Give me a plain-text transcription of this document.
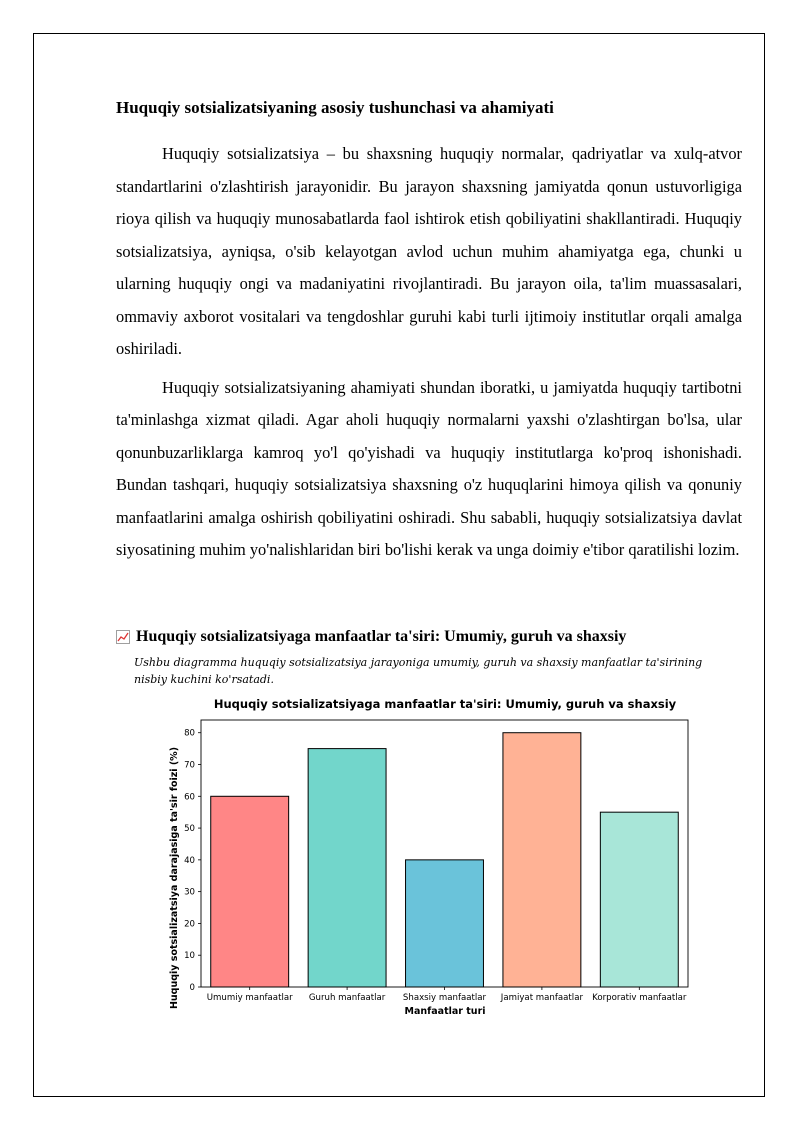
Huquqiy sotsializatsiyaning asosiy tushunchasi va ahamiyati

Huquqiy sotsializatsiya – bu shaxsning huquqiy normalar, qadriyatlar va xulq-atvor standartlarini o'zlashtirish jarayonidir. Bu jarayon shaxsning jamiyatda qonun ustuvorligiga rioya qilish va huquqiy munosabatlarda faol ishtirok etish qobiliyatini shakllantiradi. Huquqiy sotsializatsiya, ayniqsa, o'sib kelayotgan avlod uchun muhim ahamiyatga ega, chunki u ularning huquqiy ongi va madaniyatini rivojlantiradi. Bu jarayon oila, ta'lim muassasalari, ommaviy axborot vositalari va tengdoshlar guruhi kabi turli ijtimoiy institutlar orqali amalga oshiriladi.

Huquqiy sotsializatsiyaning ahamiyati shundan iboratki, u jamiyatda huquqiy tartibotni ta'minlashga xizmat qiladi. Agar aholi huquqiy normalarni yaxshi o'zlashtirgan bo'lsa, ular qonunbuzarliklarga kamroq yo'l qo'yishadi va huquqiy institutlarga ko'proq ishonishadi. Bundan tashqari, huquqiy sotsializatsiya shaxsning o'z huquqlarini himoya qilish va qonuniy manfaatlarini amalga oshirish qobiliyatini oshiradi. Shu sababli, huquqiy sotsializatsiya davlat siyosatining muhim yo'nalishlaridan biri bo'lishi kerak va unga doimiy e'tibor qaratilishi lozim.

Huquqiy sotsializatsiyaga manfaatlar ta'siri: Umumiy, guruh va shaxsiy
Ushbu diagramma huquqiy sotsializatsiya jarayoniga umumiy, guruh va shaxsiy manfaatlar ta'sirining nisbiy kuchini ko'rsatadi.
Huquqiy sotsializatsiyaga manfaatlar ta'siri: Umumiy, guruh va shaxsiy
Huquqiy sotsializatsiya darajasiga ta'sir foizi (%)
Manfaatlar turi
Umumiy manfaatlar Guruh manfaatlar Shaxsiy manfaatlar Jamiyat manfaatlar Korporativ manfaatlar
0
10
20
30
40
50
60
70
80
